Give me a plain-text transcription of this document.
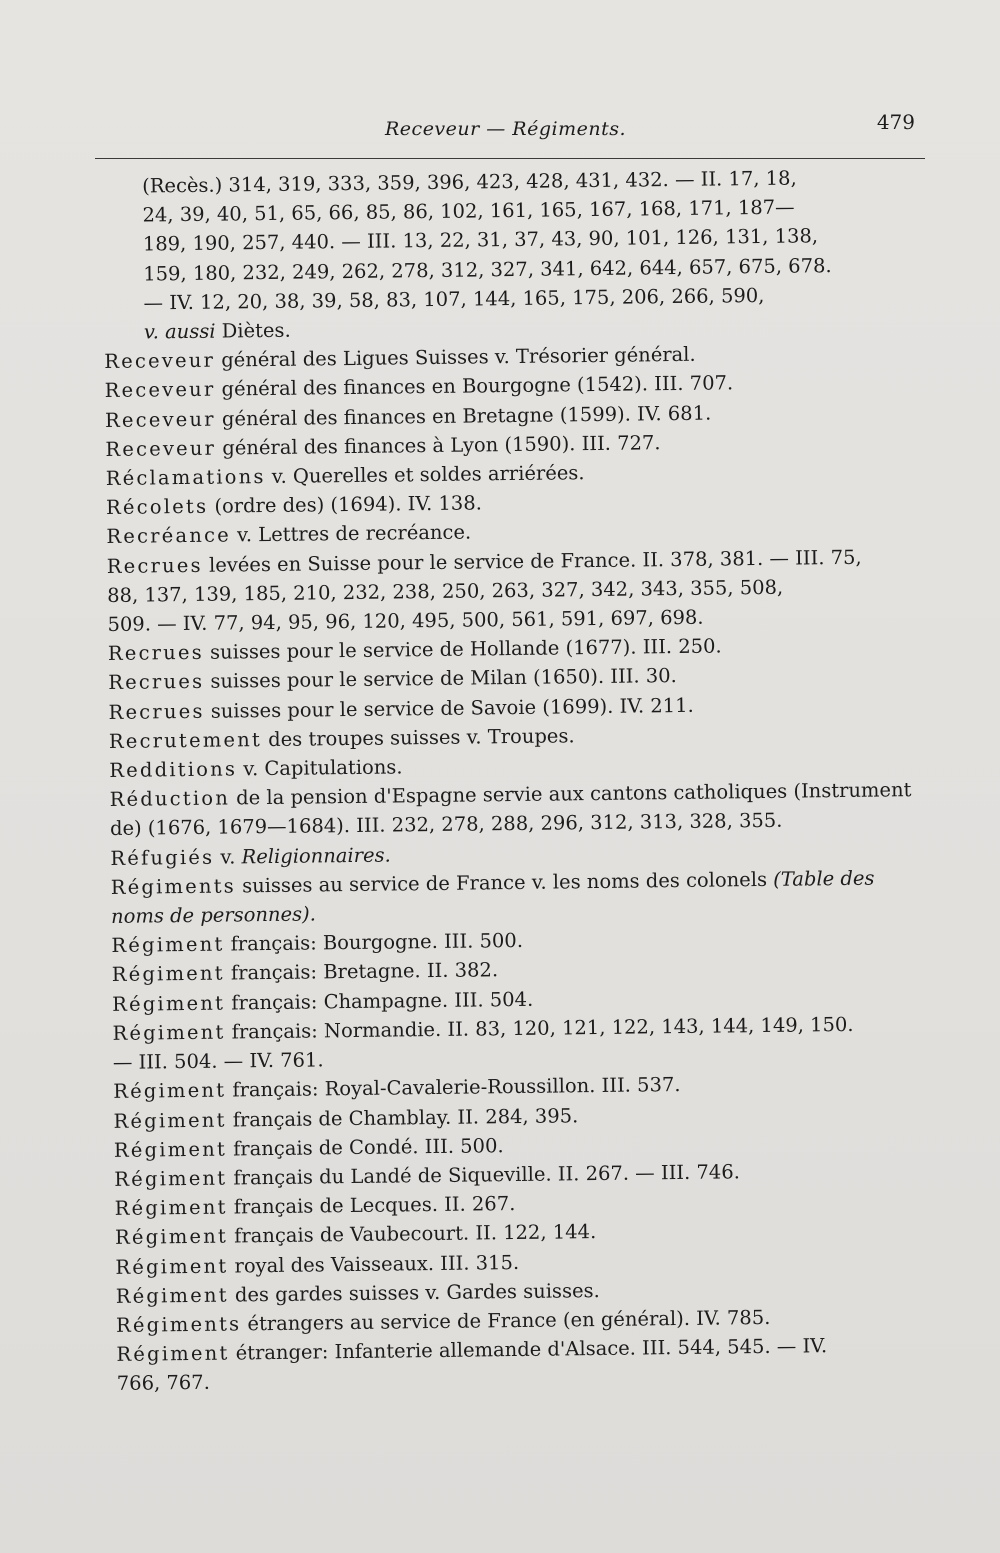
Receveur — Régiments.	479

(Recès.) 314, 319, 333, 359, 396, 423, 428, 431, 432. — II. 17, 18,
24, 39, 40, 51, 65, 66, 85, 86, 102, 161, 165, 167, 168, 171, 187—
189, 190, 257, 440. — III. 13, 22, 31, 37, 43, 90, 101, 126, 131, 138,
159, 180, 232, 249, 262, 278, 312, 327, 341, 642, 644, 657, 675, 678.
— IV. 12, 20, 38, 39, 58, 83, 107, 144, 165, 175, 206, 266, 590,
v. aussi Diètes.

Receveur général des Ligues Suisses v. Trésorier général.

Receveur général des finances en Bourgogne (1542). III. 707.

Receveur général des finances en Bretagne (1599). IV. 681.

Receveur général des finances à Lyon (1590). III. 727.

Réclamations v. Querelles et soldes arriérées.

Récolets (ordre des) (1694). IV. 138.

Recréance v. Lettres de recréance.

Recrues levées en Suisse pour le service de France. II. 378, 381. — III. 75,
88, 137, 139, 185, 210, 232, 238, 250, 263, 327, 342, 343, 355, 508,
509. — IV. 77, 94, 95, 96, 120, 495, 500, 561, 591, 697, 698.

Recrues suisses pour le service de Hollande (1677). III. 250.

Recrues suisses pour le service de Milan (1650). III. 30.

Recrues suisses pour le service de Savoie (1699). IV. 211.

Recrutement des troupes suisses v. Troupes.

Redditions v. Capitulations.

Réduction de la pension d'Espagne servie aux cantons catholiques (Instrument
de) (1676, 1679—1684). III. 232, 278, 288, 296, 312, 313, 328, 355.

Réfugiés v. Religionnaires.

Régiments suisses au service de France v. les noms des colonels (Table des
noms de personnes).

Régiment français: Bourgogne. III. 500.

Régiment français: Bretagne. II. 382.

Régiment français: Champagne. III. 504.

Régiment français: Normandie. II. 83, 120, 121, 122, 143, 144, 149, 150.
— III. 504. — IV. 761.

Régiment français: Royal-Cavalerie-Roussillon. III. 537.

Régiment français de Chamblay. II. 284, 395.

Régiment français de Condé. III. 500.

Régiment français du Landé de Siqueville. II. 267. — III. 746.

Régiment français de Lecques. II. 267.

Régiment français de Vaubecourt. II. 122, 144.

Régiment royal des Vaisseaux. III. 315.

Régiment des gardes suisses v. Gardes suisses.

Régiments étrangers au service de France (en général). IV. 785.

Régiment étranger: Infanterie allemande d'Alsace. III. 544, 545. — IV.
766, 767.
